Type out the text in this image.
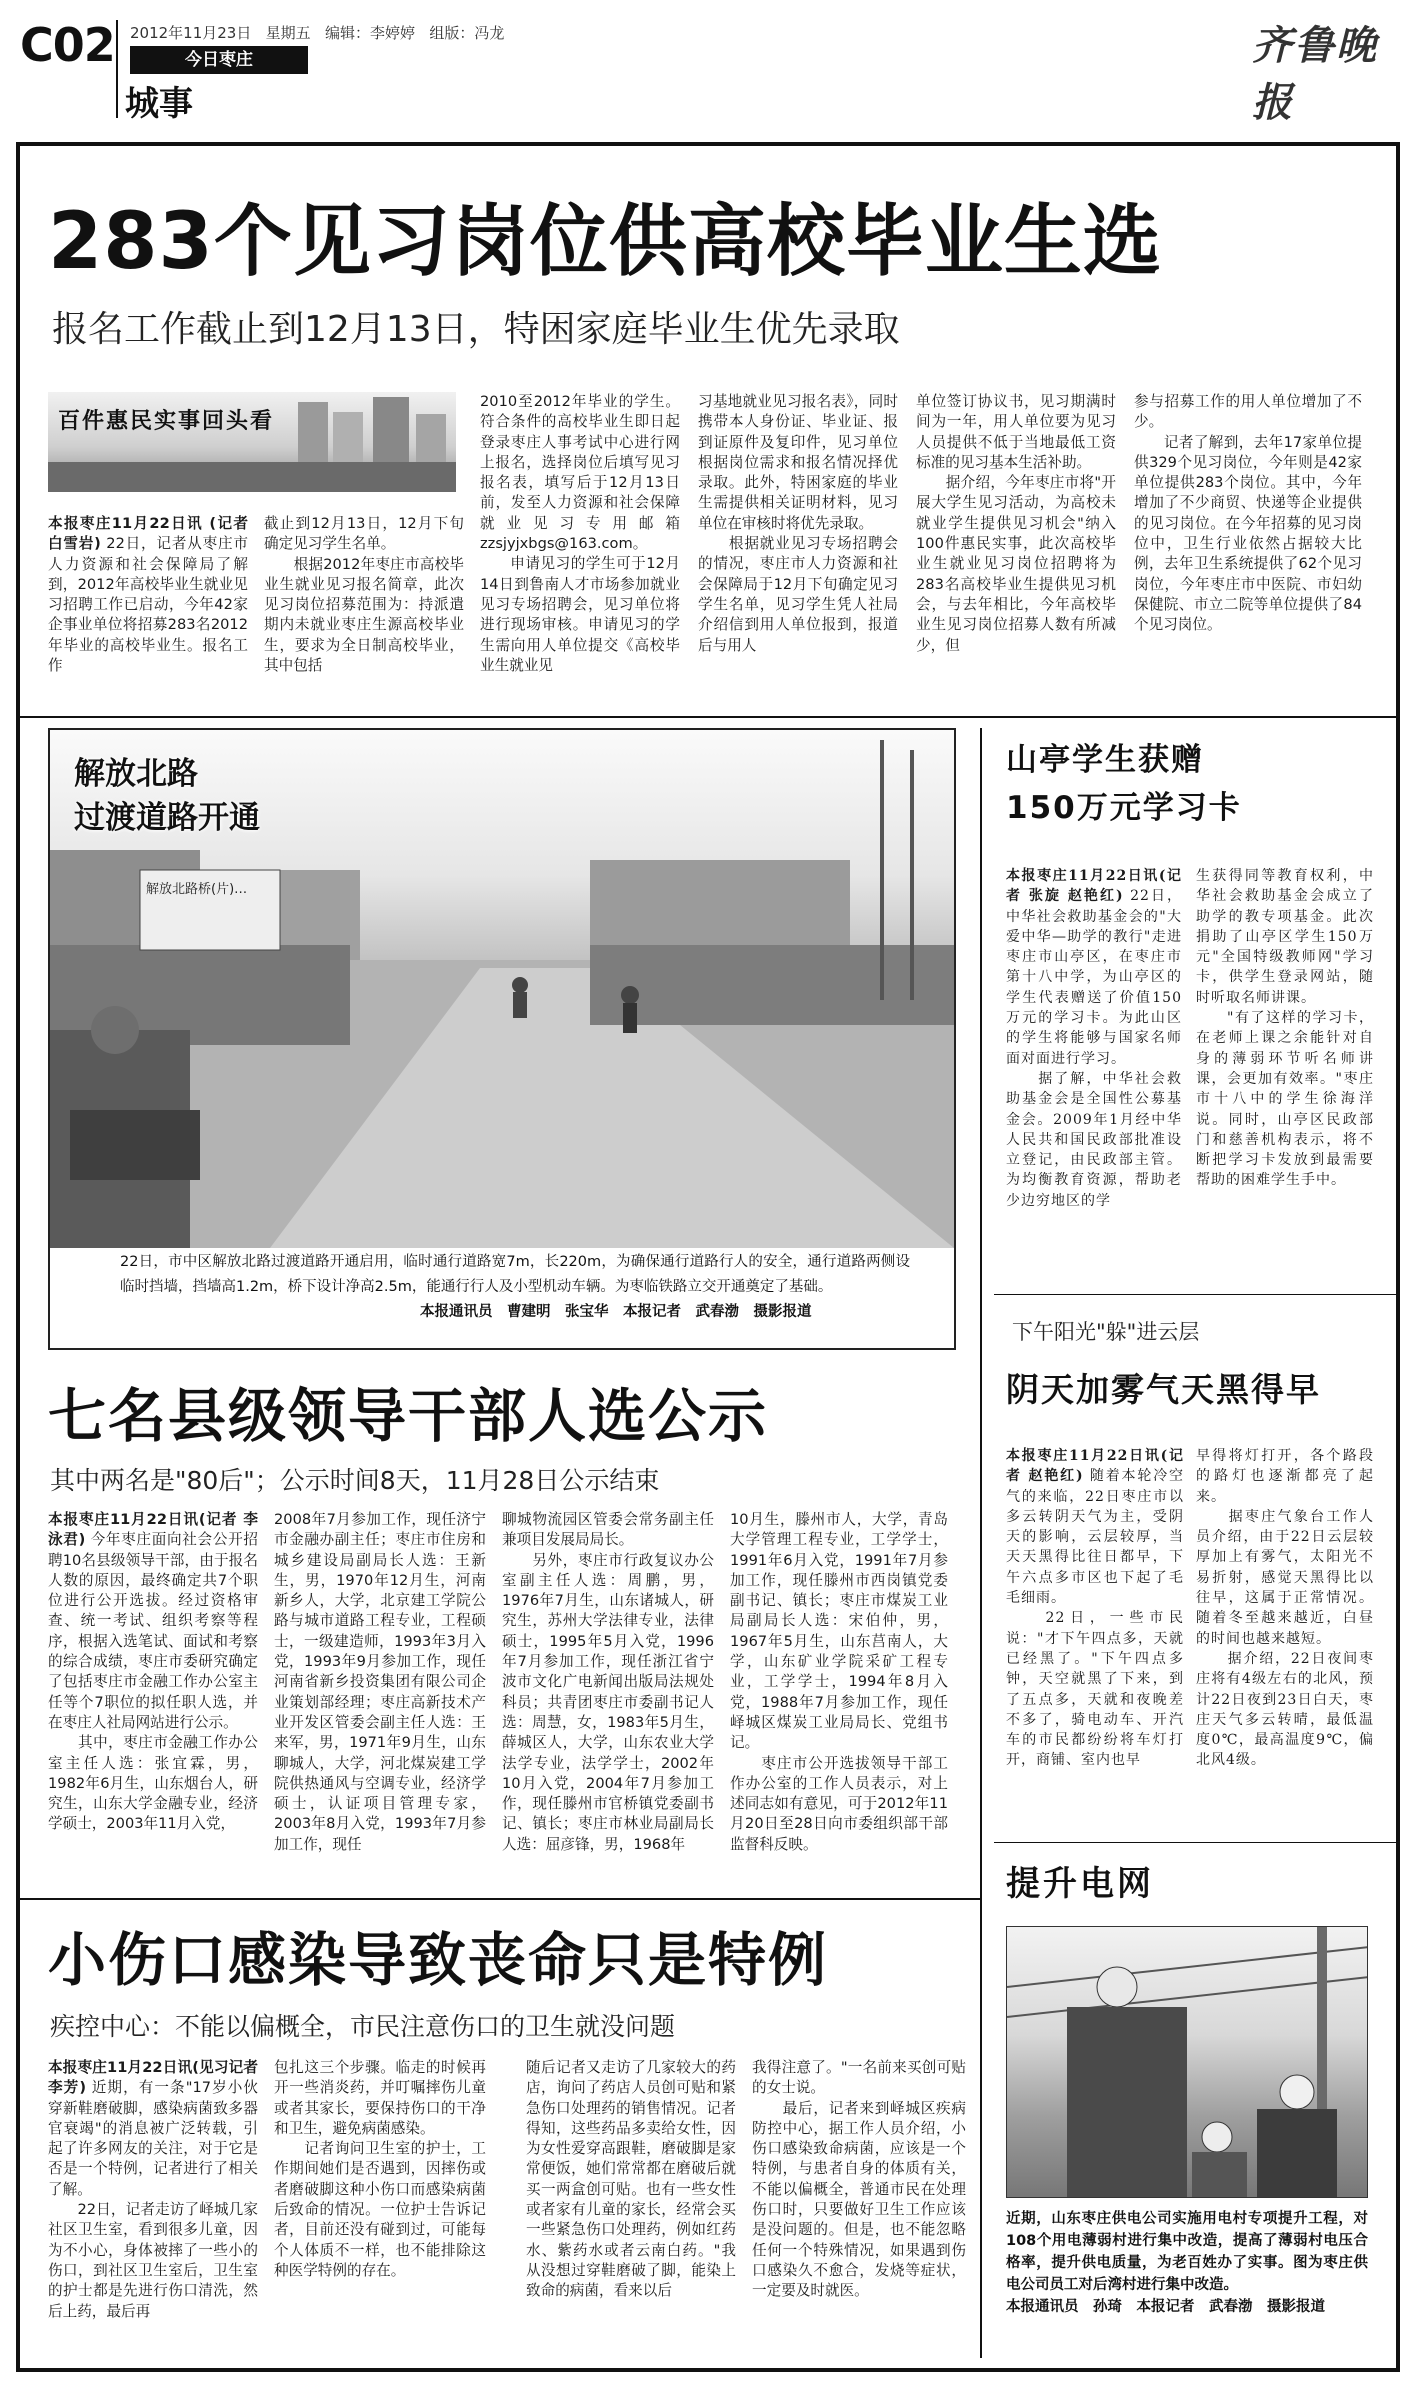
C02 2012年11月23日 星期五 编辑：李婷婷 组版：冯龙
今日枣庄
城事
齐鲁晚报
283个见习岗位供高校毕业生选
报名工作截止到12月13日，特困家庭毕业生优先录取
百件惠民实事回头看
本报枣庄11月22日讯 (记者 白雪岩) 22日，记者从枣庄市人力资源和社会保障局了解到，2012年高校毕业生就业见习招聘工作已启动，今年42家企事业单位将招募283名2012年毕业的高校毕业生。报名工作
截止到12月13日，12月下旬确定见习学生名单。
　　根据2012年枣庄市高校毕业生就业见习报名简章，此次见习岗位招募范围为：持派遣期内未就业枣庄生源高校毕业生，要求为全日制高校毕业，其中包括
2010至2012年毕业的学生。符合条件的高校毕业生即日起登录枣庄人事考试中心进行网上报名，选择岗位后填写见习报名表，填写后于12月13日前，发至人力资源和社会保障就业见习专用邮箱zzsjyjxbgs@163.com。
　　申请见习的学生可于12月14日到鲁南人才市场参加就业见习专场招聘会，见习单位将进行现场审核。申请见习的学生需向用人单位提交《高校毕业生就业见
习基地就业见习报名表》，同时携带本人身份证、毕业证、报到证原件及复印件，见习单位根据岗位需求和报名情况择优录取。此外，特困家庭的毕业生需提供相关证明材料，见习单位在审核时将优先录取。
　　根据就业见习专场招聘会的情况，枣庄市人力资源和社会保障局于12月下旬确定见习学生名单，见习学生凭人社局介绍信到用人单位报到，报道后与用人
单位签订协议书，见习期满时间为一年，用人单位要为见习人员提供不低于当地最低工资标准的见习基本生活补助。
　　据介绍，今年枣庄市将"开展大学生见习活动，为高校未就业学生提供见习机会"纳入100件惠民实事，此次高校毕业生就业见习岗位招聘将为283名高校毕业生提供见习机会，与去年相比，今年高校毕业生见习岗位招募人数有所减少，但
参与招募工作的用人单位增加了不少。
　　记者了解到，去年17家单位提供329个见习岗位，今年则是42家单位提供283个岗位。其中，今年增加了不少商贸、快递等企业提供的见习岗位。在今年招募的见习岗位中，卫生行业依然占据较大比例，去年卫生系统提供了62个见习岗位，今年枣庄市中医院、市妇幼保健院、市立二院等单位提供了84个见习岗位。
解放北路
过渡道路开通
解放北路桥(片)…
22日，市中区解放北路过渡道路开通启用，临时通行道路宽7m，长220m，为确保通行道路行人的安全，通行道路两侧设临时挡墙，挡墙高1.2m，桥下设计净高2.5m，能通行行人及小型机动车辆。为枣临铁路立交开通奠定了基础。
本报通讯员　曹建明　张宝华　本报记者　武春渤　摄影报道
山亭学生获赠
150万元学习卡
本报枣庄11月22日讯(记者 张旋 赵艳红) 22日，中华社会救助基金会的"大爱中华—助学的教行"走进枣庄市山亭区，在枣庄市第十八中学，为山亭区的学生代表赠送了价值150万元的学习卡。为此山区的学生将能够与国家名师面对面进行学习。
　　据了解，中华社会救助基金会是全国性公募基金会。2009年1月经中华人民共和国民政部批准设立登记，由民政部主管。为均衡教育资源，帮助老少边穷地区的学
生获得同等教育权利，中华社会救助基金会成立了助学的教专项基金。此次捐助了山亭区学生150万元"全国特级教师网"学习卡，供学生登录网站，随时听取名师讲课。
　　"有了这样的学习卡，在老师上课之余能针对自身的薄弱环节听名师讲课，会更加有效率。"枣庄市十八中的学生徐海洋说。同时，山亭区民政部门和慈善机构表示，将不断把学习卡发放到最需要帮助的困难学生手中。
下午阳光"躲"进云层
阴天加雾气天黑得早
本报枣庄11月22日讯(记者 赵艳红) 随着本轮冷空气的来临，22日枣庄市以多云转阴天气为主，受阴天的影响，云层较厚，当天天黑得比往日都早，下午六点多市区也下起了毛毛细雨。
　　22日，一些市民说："才下午四点多，天就已经黑了。"下午四点多钟，天空就黑了下来，到了五点多，天就和夜晚差不多了，骑电动车、开汽车的市民都纷纷将车灯打开，商铺、室内也早
早得将灯打开，各个路段的路灯也逐渐都亮了起来。
　　据枣庄气象台工作人员介绍，由于22日云层较厚加上有雾气，太阳光不易折射，感觉天黑得比以往早，这属于正常情况。随着冬至越来越近，白昼的时间也越来越短。
　　据介绍，22日夜间枣庄将有4级左右的北风，预计22日夜到23日白天，枣庄天气多云转晴，最低温度0℃，最高温度9℃，偏北风4级。
七名县级领导干部人选公示
其中两名是"80后"；公示时间8天，11月28日公示结束
本报枣庄11月22日讯(记者 李泳君) 今年枣庄面向社会公开招聘10名县级领导干部，由于报名人数的原因，最终确定共7个职位进行公开选拔。经过资格审查、统一考试、组织考察等程序，根据入选笔试、面试和考察的综合成绩，枣庄市委研究确定了包括枣庄市金融工作办公室主任等个7职位的拟任职人选，并在枣庄人社局网站进行公示。
　　其中，枣庄市金融工作办公室主任人选：张宜霖，男，1982年6月生，山东烟台人，研究生，山东大学金融专业，经济学硕士，2003年11月入党，
2008年7月参加工作，现任济宁市金融办副主任；枣庄市住房和城乡建设局副局长人选：王新生，男，1970年12月生，河南新乡人，大学，北京建工学院公路与城市道路工程专业，工程硕士，一级建造师，1993年3月入党，1993年9月参加工作，现任河南省新乡投资集团有限公司企业策划部经理；枣庄高新技术产业开发区管委会副主任人选：王来军，男，1971年9月生，山东聊城人，大学，河北煤炭建工学院供热通风与空调专业，经济学硕士，认证项目管理专家，2003年8月入党，1993年7月参加工作，现任
聊城物流园区管委会常务副主任兼项目发展局局长。
　　另外，枣庄市行政复议办公室副主任人选：周鹏，男，1976年7月生，山东诸城人，研究生，苏州大学法律专业，法律硕士，1995年5月入党，1996年7月参加工作，现任浙江省宁波市文化广电新闻出版局法规处科员；共青团枣庄市委副书记人选：周慧，女，1983年5月生，薛城区人，大学，山东农业大学法学专业，法学学士，2002年10月入党，2004年7月参加工作，现任滕州市官桥镇党委副书记、镇长；枣庄市林业局副局长人选：屈彦锋，男，1968年
10月生，滕州市人，大学，青岛大学管理工程专业，工学学士，1991年6月入党，1991年7月参加工作，现任滕州市西岗镇党委副书记、镇长；枣庄市煤炭工业局副局长人选：宋伯仲，男，1967年5月生，山东莒南人，大学，山东矿业学院采矿工程专业，工学学士，1994年8月入党，1988年7月参加工作，现任峄城区煤炭工业局局长、党组书记。
　　枣庄市公开选拔领导干部工作办公室的工作人员表示，对上述同志如有意见，可于2012年11月20日至28日向市委组织部干部监督科反映。
小伤口感染导致丧命只是特例
疾控中心：不能以偏概全，市民注意伤口的卫生就没问题
本报枣庄11月22日讯(见习记者 李芳) 近期，有一条"17岁小伙穿新鞋磨破脚，感染病菌致多器官衰竭"的消息被广泛转载，引起了许多网友的关注，对于它是否是一个特例，记者进行了相关了解。
　　22日，记者走访了峄城几家社区卫生室，看到很多儿童，因为不小心，身体被摔了一些小的伤口，到社区卫生室后，卫生室的护士都是先进行伤口清洗，然后上药，最后再
包扎这三个步骤。临走的时候再开一些消炎药，并叮嘱摔伤儿童或者其家长，要保持伤口的干净和卫生，避免病菌感染。
　　记者询问卫生室的护士，工作期间她们是否遇到，因摔伤或者磨破脚这种小伤口而感染病菌后致命的情况。一位护士告诉记者，目前还没有碰到过，可能每个人体质不一样，也不能排除这种医学特例的存在。
随后记者又走访了几家较大的药店，询问了药店人员创可贴和紧急伤口处理药的销售情况。记者得知，这些药品多卖给女性，因为女性爱穿高跟鞋，磨破脚是家常便饭，她们常常都在磨破后就买一两盒创可贴。也有一些女性或者家有儿童的家长，经常会买一些紧急伤口处理药，例如红药水、紫药水或者云南白药。"我从没想过穿鞋磨破了脚，能染上致命的病菌，看来以后
我得注意了。"一名前来买创可贴的女士说。
　　最后，记者来到峄城区疾病防控中心，据工作人员介绍，小伤口感染致命病菌，应该是一个特例，与患者自身的体质有关，不能以偏概全，普通市民在处理伤口时，只要做好卫生工作应该是没问题的。但是，也不能忽略任何一个特殊情况，如果遇到伤口感染久不愈合，发烧等症状，一定要及时就医。
提升电网
近期，山东枣庄供电公司实施用电村专项提升工程，对108个用电薄弱村进行集中改造，提高了薄弱村电压合格率，提升供电质量，为老百姓办了实事。图为枣庄供电公司员工对后湾村进行集中改造。
本报通讯员　孙琦　本报记者　武春渤　摄影报道
